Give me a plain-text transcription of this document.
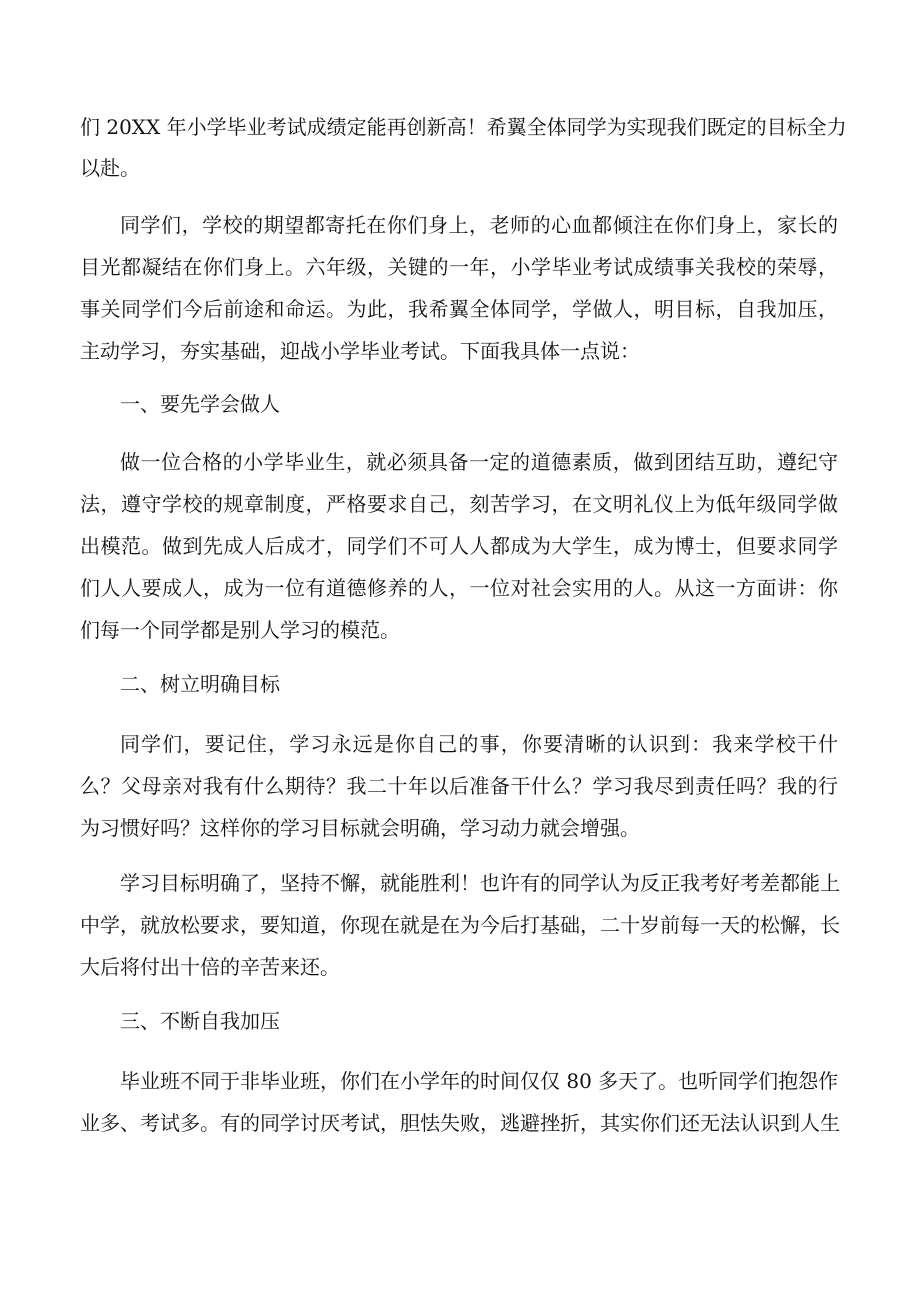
们 20XX 年小学毕业考试成绩定能再创新高！希翼全体同学为实现我们既定的目标全力

以赴。

同学们，学校的期望都寄托在你们身上，老师的心血都倾注在你们身上，家长的

目光都凝结在你们身上。六年级，关键的一年，小学毕业考试成绩事关我校的荣辱，

事关同学们今后前途和命运。为此，我希翼全体同学，学做人，明目标，自我加压，

主动学习，夯实基础，迎战小学毕业考试。下面我具体一点说：

一、要先学会做人

做一位合格的小学毕业生，就必须具备一定的道德素质，做到团结互助，遵纪守

法，遵守学校的规章制度，严格要求自己，刻苦学习，在文明礼仪上为低年级同学做

出模范。做到先成人后成才，同学们不可人人都成为大学生，成为博士，但要求同学

们人人要成人，成为一位有道德修养的人，一位对社会实用的人。从这一方面讲：你

们每一个同学都是别人学习的模范。

二、树立明确目标

同学们，要记住，学习永远是你自己的事，你要清晰的认识到：我来学校干什

么？父母亲对我有什么期待？我二十年以后准备干什么？学习我尽到责任吗？我的行

为习惯好吗？这样你的学习目标就会明确，学习动力就会增强。

学习目标明确了，坚持不懈，就能胜利！也许有的同学认为反正我考好考差都能上

中学，就放松要求，要知道，你现在就是在为今后打基础，二十岁前每一天的松懈，长

大后将付出十倍的辛苦来还。

三、不断自我加压

毕业班不同于非毕业班，你们在小学年的时间仅仅 80 多天了。也听同学们抱怨作

业多、考试多。有的同学讨厌考试，胆怯失败，逃避挫折，其实你们还无法认识到人生
